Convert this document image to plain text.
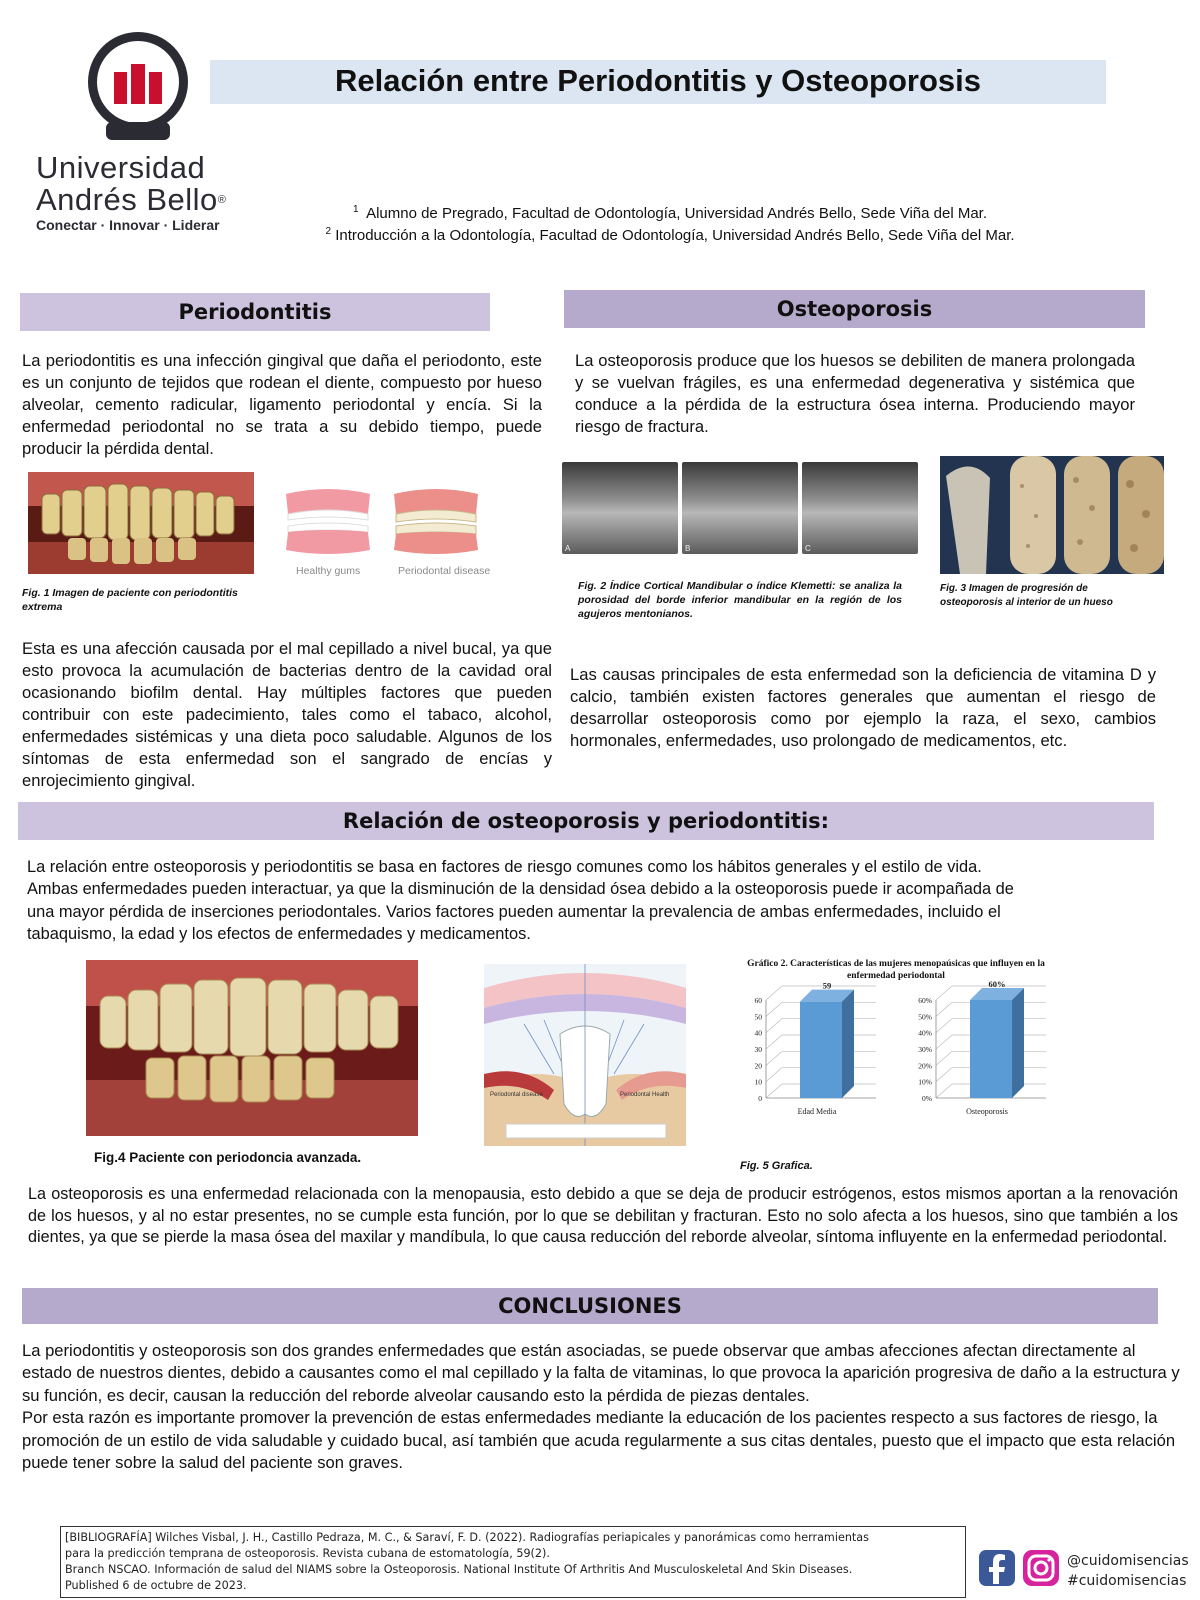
Universidad
Andrés Bello®
Conectar · Innovar · Liderar
Relación entre Periodontitis y Osteoporosis
$^1$ Alumno de Pregrado, Facultad de Odontología, Universidad Andrés Bello, Sede Viña del Mar.
$^2$ Introducción a la Odontología, Facultad de Odontología, Universidad Andrés Bello, Sede Viña del Mar.
Periodontitis
La periodontitis es una infección gingival que daña el periodonto, este es un conjunto de tejidos que rodean el diente, compuesto por hueso alveolar, cemento radicular, ligamento periodontal y encía. Si la enfermedad periodontal no se trata a su debido tiempo, puede producir la pérdida dental.
Healthy gums	Periodontal disease
Fig. 1 Imagen de paciente con periodontitis extrema
Esta es una afección causada por el mal cepillado a nivel bucal, ya que esto provoca la acumulación de bacterias dentro de la cavidad oral ocasionando biofilm dental. Hay múltiples factores que pueden contribuir con este padecimiento, tales como el tabaco, alcohol, enfermedades sistémicas y una dieta poco saludable. Algunos de los síntomas de esta enfermedad son el sangrado de encías y enrojecimiento gingival.
Osteoporosis
La osteoporosis produce que los huesos se debiliten de manera prolongada y se vuelvan frágiles, es una enfermedad degenerativa y sistémica que conduce a la pérdida de la estructura ósea interna. Produciendo mayor riesgo de fractura.
A	B	C
Fig. 2 Índice Cortical Mandibular o índice Klemetti: se analiza la porosidad del borde inferior mandibular en la región de los agujeros mentonianos.
Fig. 3 Imagen de progresión de osteoporosis al interior de un hueso
Las causas principales de esta enfermedad son la deficiencia de vitamina D y calcio, también existen factores generales que aumentan el riesgo de desarrollar osteoporosis como por ejemplo la raza, el sexo, cambios hormonales, enfermedades, uso prolongado de medicamentos, etc.
Relación de osteoporosis y periodontitis:
La relación entre osteoporosis y periodontitis se basa en factores de riesgo comunes como los hábitos generales y el estilo de vida.
Ambas enfermedades pueden interactuar, ya que la disminución de la densidad ósea debido a la osteoporosis puede ir acompañada de
una mayor pérdida de inserciones periodontales. Varios factores pueden aumentar la prevalencia de ambas enfermedades, incluido el
tabaquismo, la edad y los efectos de enfermedades y medicamentos.
Fig.4 Paciente con periodoncia avanzada.
Periodontal disease	Periodontal Health
Gráfico 2. Características de las mujeres menopaúsicas que influyen en la enfermedad periodontal
0
10
20
30
40
50
60
59
Edad Media
0%
10%
20%
30%
40%
50%
60%
60%
Osteoporosis
Fig. 5 Grafica.
La osteoporosis es una enfermedad relacionada con la menopausia, esto debido a que se deja de producir estrógenos, estos mismos aportan a la renovación de los huesos, y al no estar presentes, no se cumple esta función, por lo que se debilitan y fracturan. Esto no solo afecta a los huesos, sino que también a los dientes, ya que se pierde la masa ósea del maxilar y mandíbula, lo que causa reducción del reborde alveolar, síntoma influyente en la enfermedad periodontal.
CONCLUSIONES
La periodontitis y osteoporosis son dos grandes enfermedades que están asociadas, se puede observar que ambas afecciones afectan directamente al estado de nuestros dientes, debido a causantes como el mal cepillado y la falta de vitaminas, lo que provoca la aparición progresiva de daño a la estructura y su función, es decir, causan la reducción del reborde alveolar causando esto la pérdida de piezas dentales.
Por esta razón es importante promover la prevención de estas enfermedades mediante la educación de los pacientes respecto a sus factores de riesgo, la promoción de un estilo de vida saludable y cuidado bucal, así también que acuda regularmente a sus citas dentales, puesto que el impacto que esta relación puede tener sobre la salud del paciente son graves.
[BIBLIOGRAFÍA] Wilches Visbal, J. H., Castillo Pedraza, M. C., & Saraví, F. D. (2022). Radiografías periapicales y panorámicas como herramientas
para la predicción temprana de osteoporosis. Revista cubana de estomatología, 59(2).
Branch NSCAO. Información de salud del NIAMS sobre la Osteoporosis. National Institute Of Arthritis And Musculoskeletal And Skin Diseases.
Published 6 de octubre de 2023.
@cuidomisencias
#cuidomisencias
